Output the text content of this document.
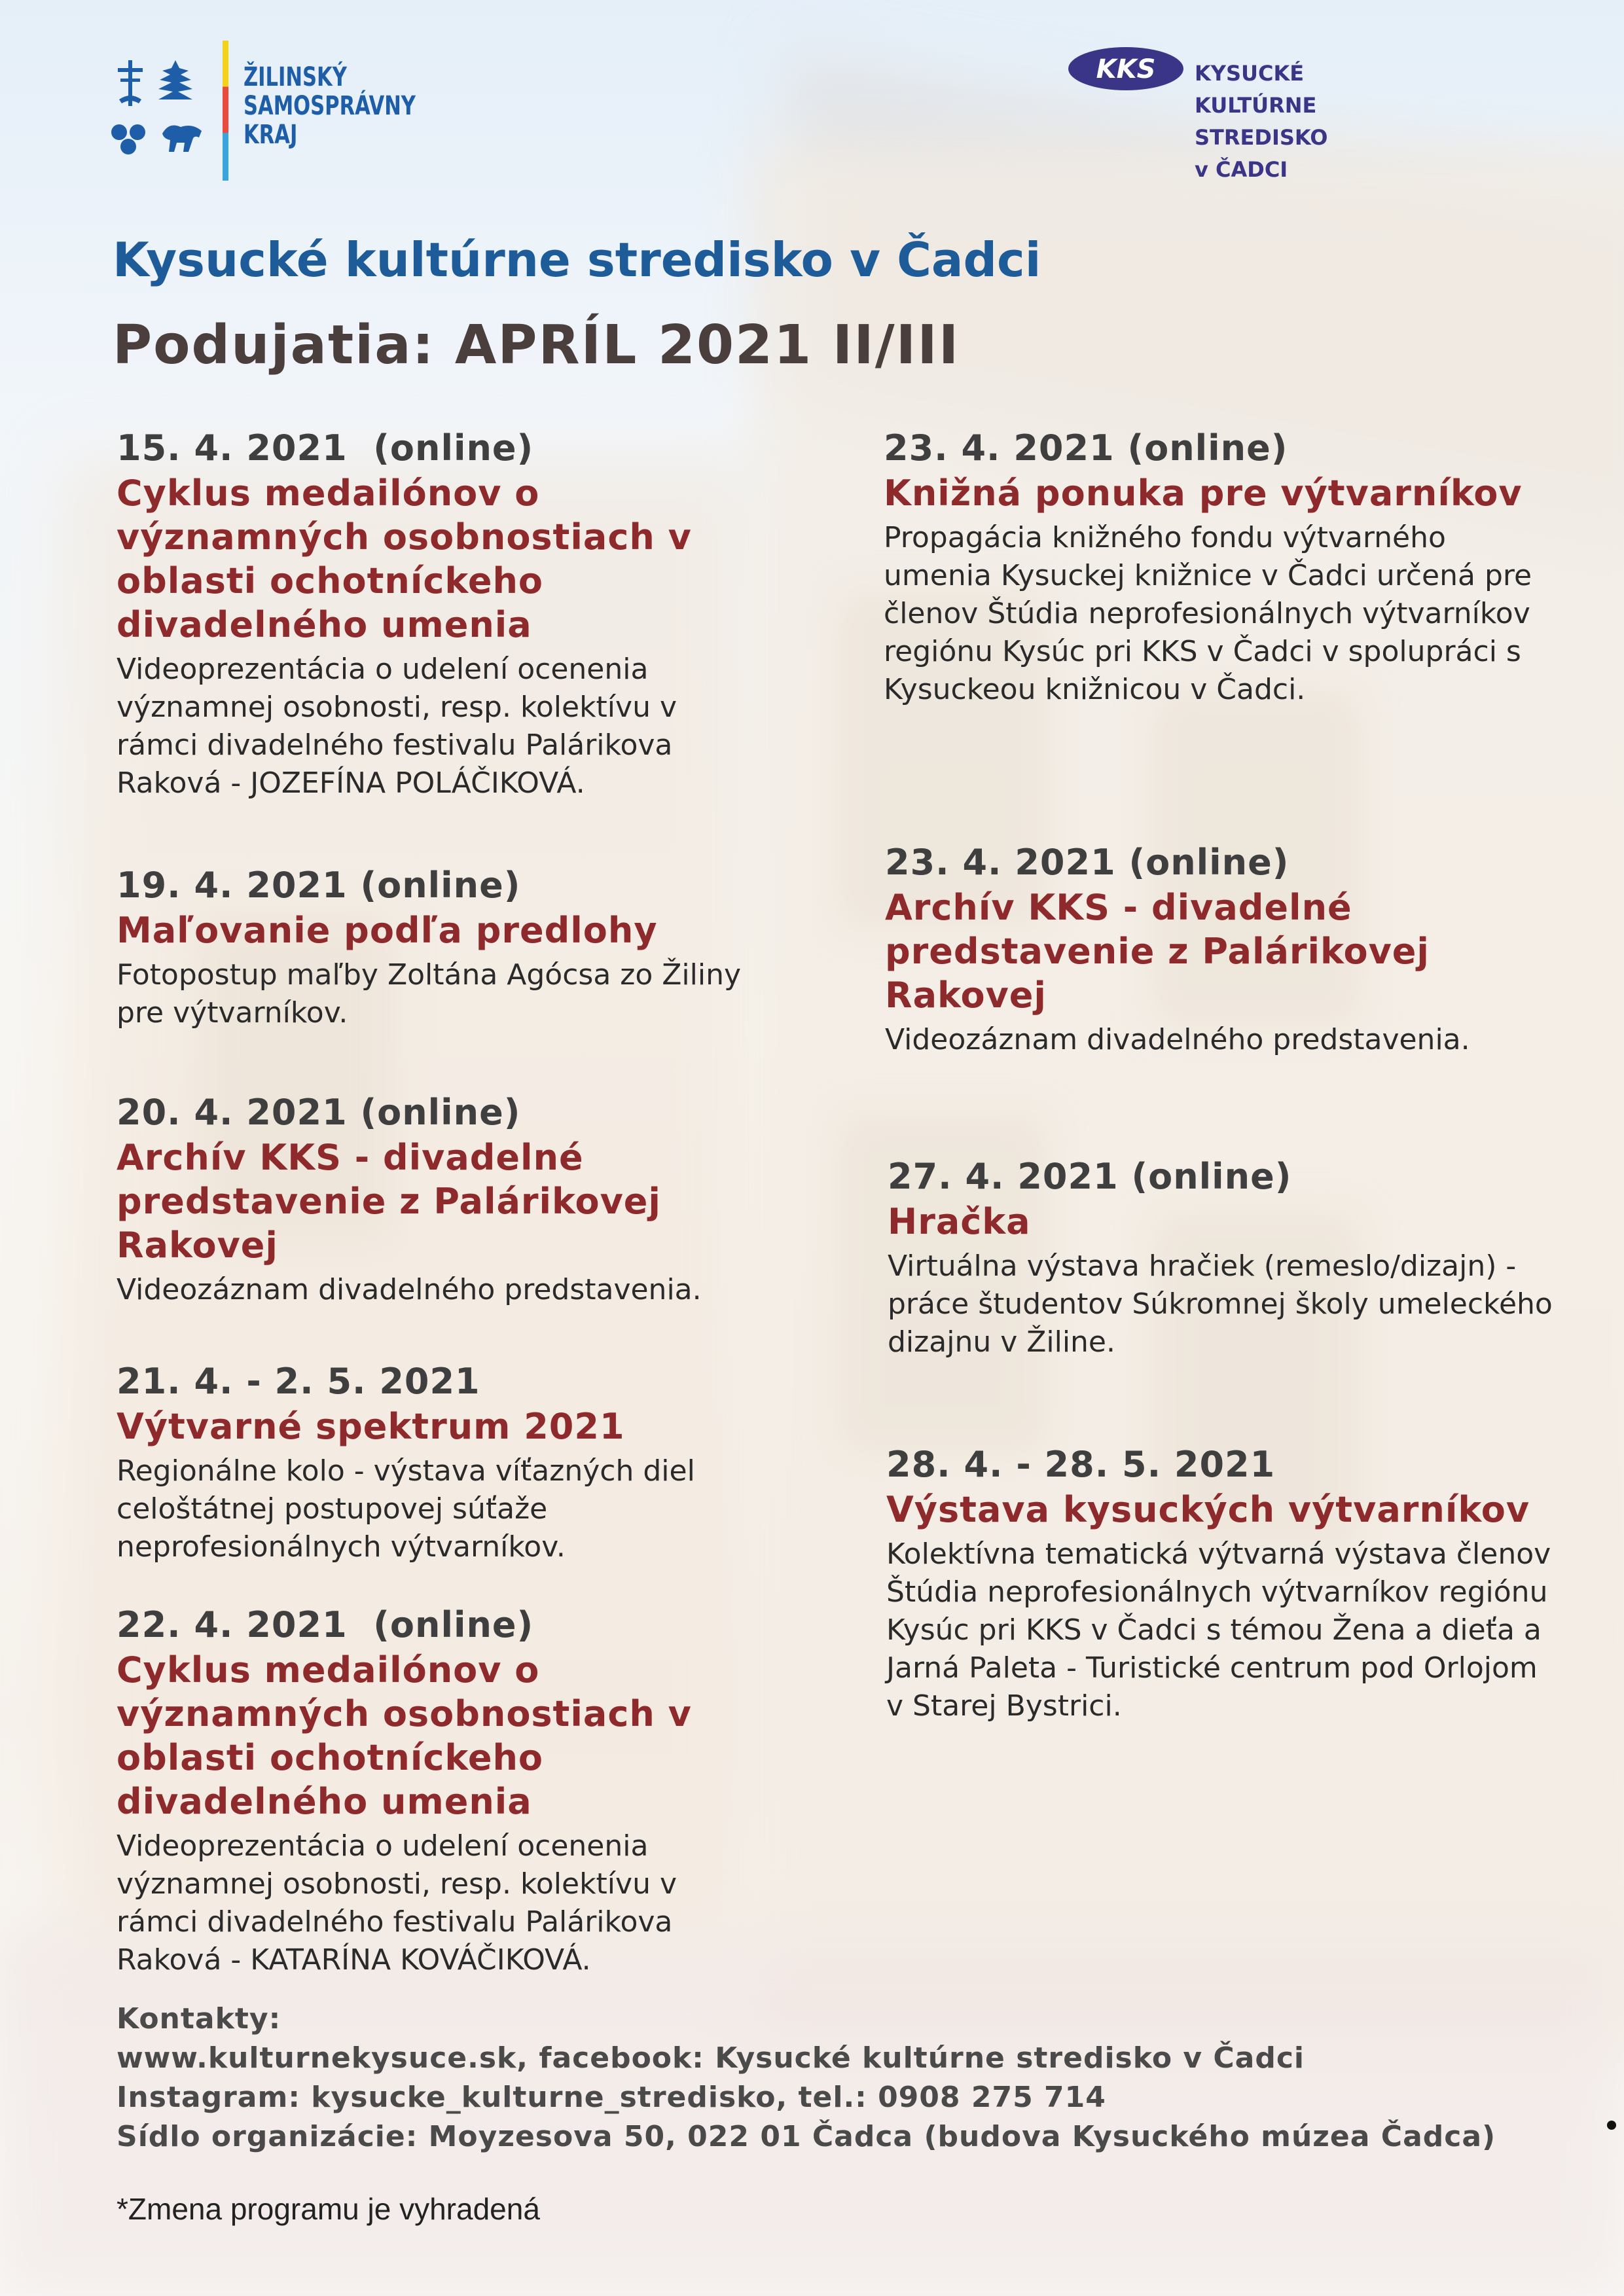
ŽILINSKÝ
SAMOSPRÁVNY
KRAJ
KKS KYSUCKÉ
KULTÚRNE
STREDISKO
v ČADCI
Kysucké kultúrne stredisko v Čadci
Podujatia: APRÍL 2021 II/III
15. 4. 2021  (online)
Cyklus medailónov o významných osobnostiach v oblasti ochotníckeho divadelného umenia
Videoprezentácia o udelení ocenenia významnej osobnosti, resp. kolektívu v rámci divadelného festivalu Palárikova Raková - JOZEFÍNA POLÁČIKOVÁ.
19. 4. 2021 (online)
Maľovanie podľa predlohy
Fotopostup maľby Zoltána Agócsa zo Žiliny pre výtvarníkov.
20. 4. 2021 (online)
Archív KKS - divadelné predstavenie z Palárikovej Rakovej
Videozáznam divadelného predstavenia.
21. 4. - 2. 5. 2021
Výtvarné spektrum 2021
Regionálne kolo - výstava víťazných diel celoštátnej postupovej súťaže neprofesionálnych výtvarníkov.
22. 4. 2021  (online)
Cyklus medailónov o významných osobnostiach v oblasti ochotníckeho divadelného umenia
Videoprezentácia o udelení ocenenia významnej osobnosti, resp. kolektívu v rámci divadelného festivalu Palárikova Raková - KATARÍNA KOVÁČIKOVÁ.
23. 4. 2021 (online)
Knižná ponuka pre výtvarníkov
Propagácia knižného fondu výtvarného umenia Kysuckej knižnice v Čadci určená pre členov Štúdia neprofesionálnych výtvarníkov regiónu Kysúc pri KKS v Čadci v spolupráci s Kysuckeou knižnicou v Čadci.
23. 4. 2021 (online)
Archív KKS - divadelné predstavenie z Palárikovej Rakovej
Videozáznam divadelného predstavenia.
27. 4. 2021 (online)
Hračka
Virtuálna výstava hračiek (remeslo/dizajn) - práce študentov Súkromnej školy umeleckého dizajnu v Žiline.
28. 4. - 28. 5. 2021
Výstava kysuckých výtvarníkov
Kolektívna tematická výtvarná výstava členov Štúdia neprofesionálnych výtvarníkov regiónu Kysúc pri KKS v Čadci s témou Žena a dieťa a Jarná Paleta - Turistické centrum pod Orlojom v Starej Bystrici.
Kontakty:
www.kulturnekysuce.sk, facebook: Kysucké kultúrne stredisko v Čadci
Instagram: kysucke_kulturne_stredisko, tel.: 0908 275 714
Sídlo organizácie: Moyzesova 50, 022 01 Čadca (budova Kysuckého múzea Čadca)
*Zmena programu je vyhradená
